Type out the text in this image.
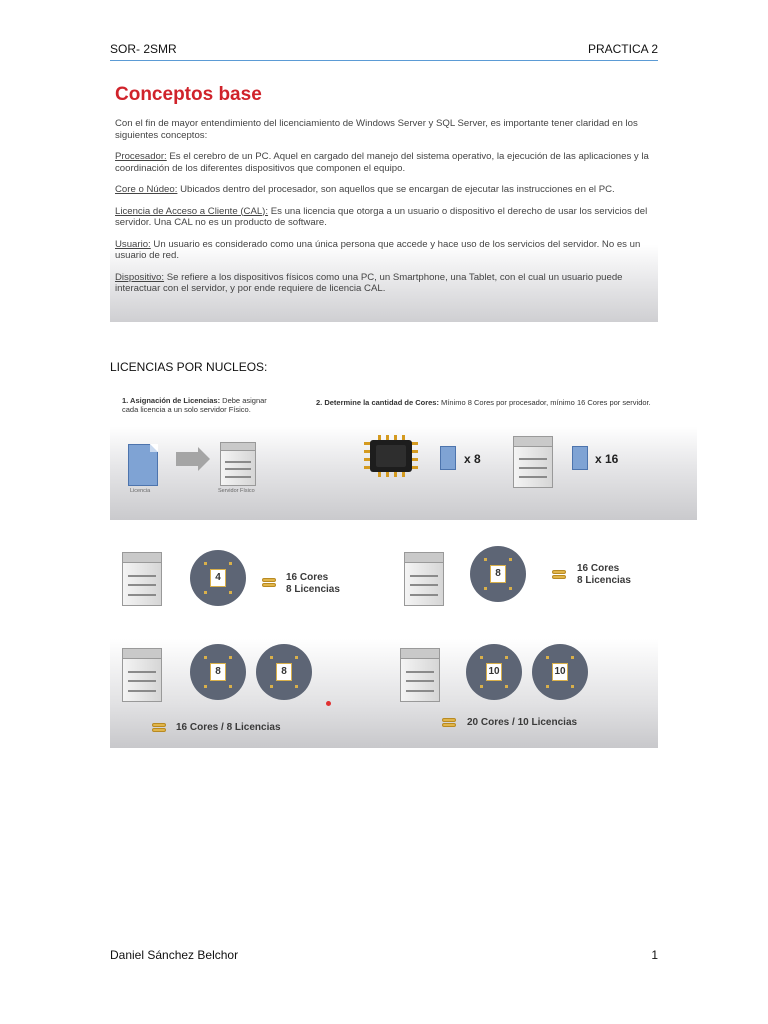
SOR- 2SMR	PRACTICA 2
Conceptos base

Con el fin de mayor entendimiento del licenciamiento de Windows Server y SQL Server, es importante tener claridad en los siguientes conceptos:

Procesador: Es el cerebro de un PC. Aquel en cargado del manejo del sistema operativo, la ejecución de las aplicaciones y la coordinación de los diferentes dispositivos que componen el equipo.

Core o Núdeo: Ubicados dentro del procesador, son aquellos que se encargan de ejecutar las instrucciones en el PC.

Licencia de Acceso a Cliente (CAL): Es una licencia que otorga a un usuario o dispositivo el derecho de usar los servicios del servidor. Una CAL no es un producto de software.

Usuario: Un usuario es considerado como una única persona que accede y hace uso de los servicios del servidor. No es un usuario de red.

Dispositivo: Se refiere a los dispositivos físicos como una PC, un Smartphone, una Tablet, con el cual un usuario puede interactuar con el servidor, y por ende requiere de licencia CAL.

LICENCIAS POR NUCLEOS:
1. Asignación de Licencias: Debe asignar cada licencia a un solo servidor Físico.
2. Determine la cantidad de Cores: Mínimo 8 Cores por procesador, mínimo 16 Cores por servidor.
Licencia	Servidor Físico
x 8	x 16
4	16 Cores
8 Licencias
8	16 Cores
8 Licencias
8	8
16 Cores / 8 Licencias
10	10
20 Cores / 10 Licencias
Daniel Sánchez Belchor	1
